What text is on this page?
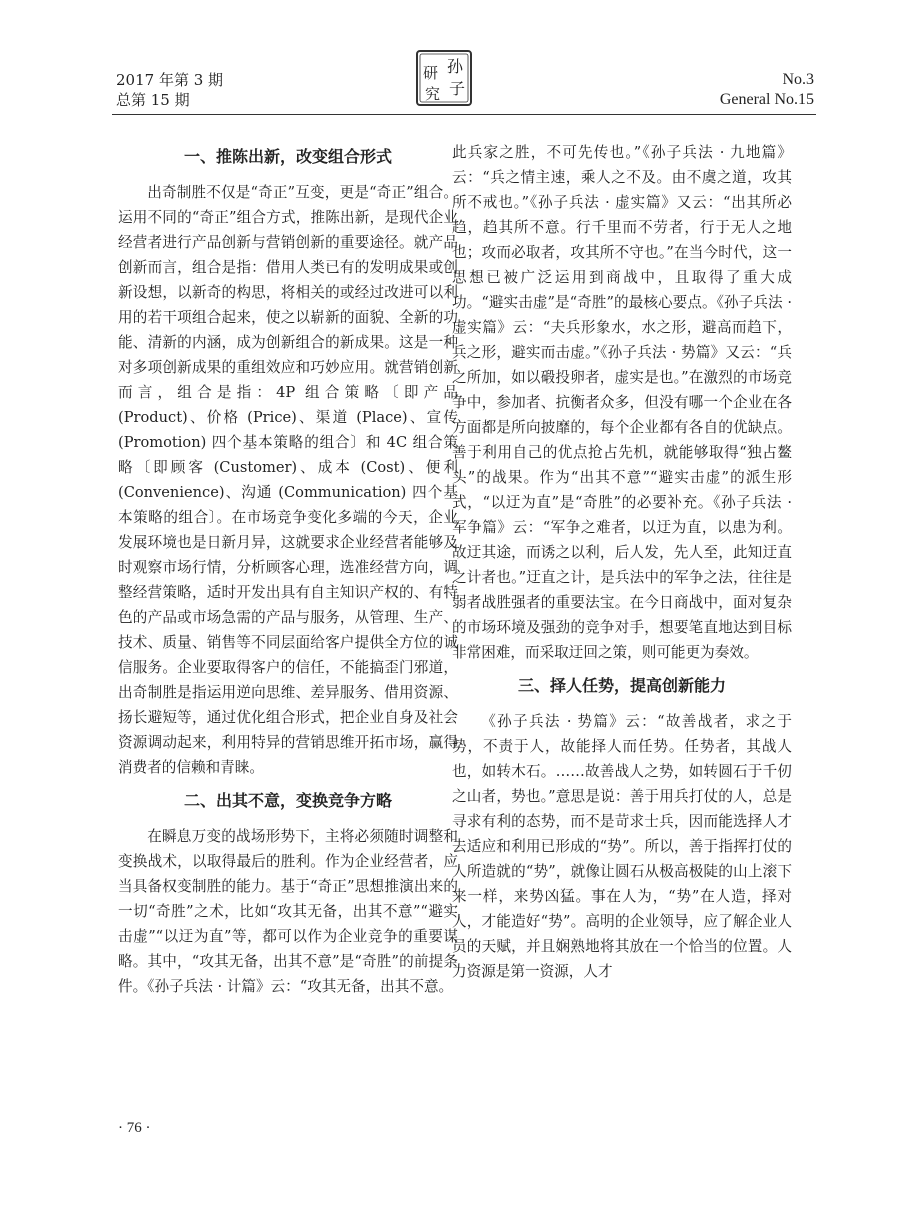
2017 年第 3 期
总第 15 期
孙
子
研
究
No.3
General No.15
一、推陈出新，改变组合形式

出奇制胜不仅是“奇正”互变，更是“奇正”组合。运用不同的“奇正”组合方式，推陈出新，是现代企业经营者进行产品创新与营销创新的重要途径。就产品创新而言，组合是指：借用人类已有的发明成果或创新设想，以新奇的构思，将相关的或经过改进可以利用的若干项组合起来，使之以崭新的面貌、全新的功能、清新的内涵，成为创新组合的新成果。这是一种对多项创新成果的重组效应和巧妙应用。就营销创新而言，组合是指：4P 组合策略〔即产品 (Product)、价格 (Price)、渠道 (Place)、宣传 (Promotion) 四个基本策略的组合〕和 4C 组合策略〔即顾客 (Customer)、成本 (Cost)、便利 (Convenience)、沟通 (Communication) 四个基本策略的组合〕。在市场竞争变化多端的今天，企业发展环境也是日新月异，这就要求企业经营者能够及时观察市场行情，分析顾客心理，选准经营方向，调整经营策略，适时开发出具有自主知识产权的、有特色的产品或市场急需的产品与服务，从管理、生产、技术、质量、销售等不同层面给客户提供全方位的诚信服务。企业要取得客户的信任，不能搞歪门邪道，出奇制胜是指运用逆向思维、差异服务、借用资源、扬长避短等，通过优化组合形式，把企业自身及社会资源调动起来，利用特异的营销思维开拓市场，赢得消费者的信赖和青睐。

二、出其不意，变换竞争方略

在瞬息万变的战场形势下，主将必须随时调整和变换战术，以取得最后的胜利。作为企业经营者，应当具备权变制胜的能力。基于“奇正”思想推演出来的一切“奇胜”之术，比如“攻其无备，出其不意”“避实击虚”“以迂为直”等，都可以作为企业竞争的重要谋略。其中，“攻其无备，出其不意”是“奇胜”的前提条件。《孙子兵法 · 计篇》云：“攻其无备，出其不意。

此兵家之胜，不可先传也。”《孙子兵法 · 九地篇》云：“兵之情主速，乘人之不及。由不虞之道，攻其所不戒也。”《孙子兵法 · 虚实篇》又云：“出其所必趋，趋其所不意。行千里而不劳者，行于无人之地也；攻而必取者，攻其所不守也。”在当今时代，这一思想已被广泛运用到商战中，且取得了重大成功。“避实击虚”是“奇胜”的最核心要点。《孙子兵法 · 虚实篇》云：“夫兵形象水，水之形，避高而趋下，兵之形，避实而击虚。”《孙子兵法 · 势篇》又云：“兵之所加，如以碫投卵者，虚实是也。”在激烈的市场竞争中，参加者、抗衡者众多，但没有哪一个企业在各方面都是所向披靡的，每个企业都有各自的优缺点。善于利用自己的优点抢占先机，就能够取得“独占鳌头”的战果。作为“出其不意”“避实击虚”的派生形式，“以迂为直”是“奇胜”的必要补充。《孙子兵法 · 军争篇》云：“军争之难者，以迂为直，以患为利。故迂其途，而诱之以利，后人发，先人至，此知迂直之计者也。”迂直之计，是兵法中的军争之法，往往是弱者战胜强者的重要法宝。在今日商战中，面对复杂的市场环境及强劲的竞争对手，想要笔直地达到目标非常困难，而采取迂回之策，则可能更为奏效。

三、择人任势，提高创新能力

《孙子兵法 · 势篇》云：“故善战者，求之于势，不责于人，故能择人而任势。任势者，其战人也，如转木石。……故善战人之势，如转圆石于千仞之山者，势也。”意思是说：善于用兵打仗的人，总是寻求有利的态势，而不是苛求士兵，因而能选择人才去适应和利用已形成的“势”。所以，善于指挥打仗的人所造就的“势”，就像让圆石从极高极陡的山上滚下来一样，来势凶猛。事在人为，“势”在人造，择对人，才能造好“势”。高明的企业领导，应了解企业人员的天赋，并且娴熟地将其放在一个恰当的位置。人力资源是第一资源，人才

· 76 ·
